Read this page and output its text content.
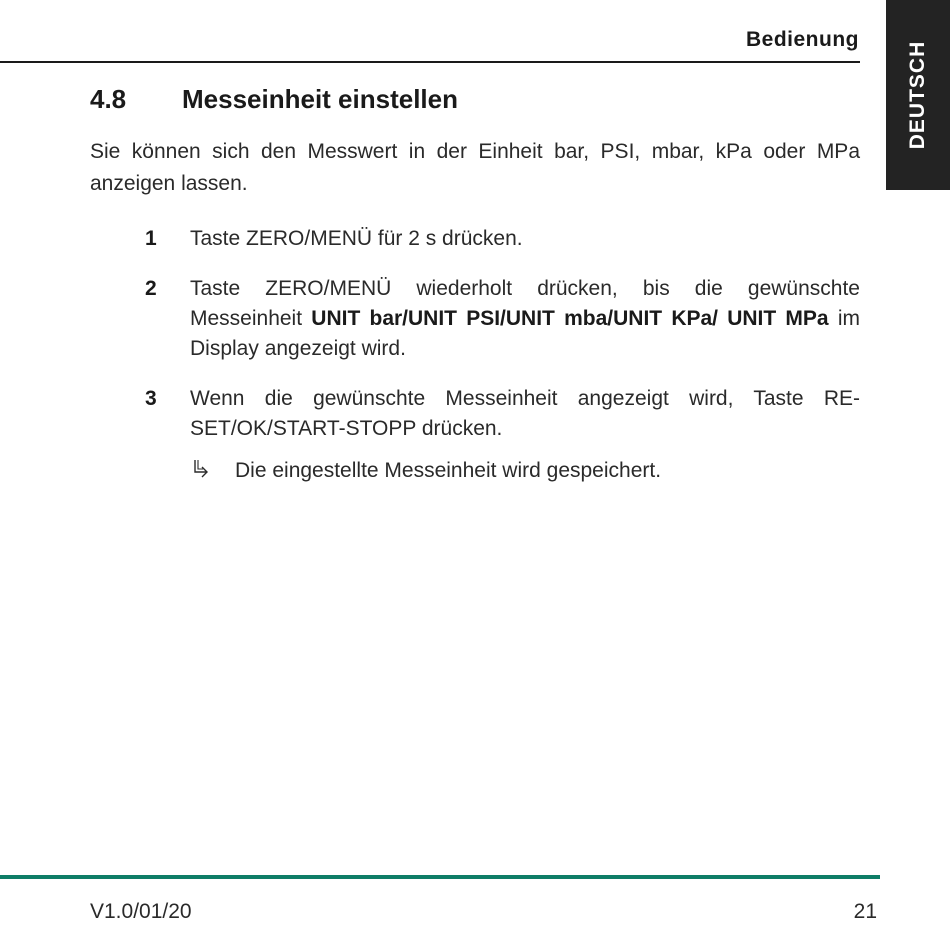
Bedienung
DEUTSCH
4.8 Messeinheit einstellen
Sie können sich den Messwert in der Einheit bar, PSI, mbar, kPa oder MPa anzeigen lassen.
1 Taste ZERO/MENÜ für 2 s drücken.
2 Taste ZERO/MENÜ wiederholt drücken, bis die gewünschte Messeinheit UNIT bar/UNIT PSI/UNIT mba/UNIT KPa/ UNIT MPa im Display angezeigt wird.
3 Wenn die gewünschte Messeinheit angezeigt wird, Taste RE-SET/OK/START-STOPP drücken.
Die eingestellte Messeinheit wird gespeichert.
V1.0/01/20	21
